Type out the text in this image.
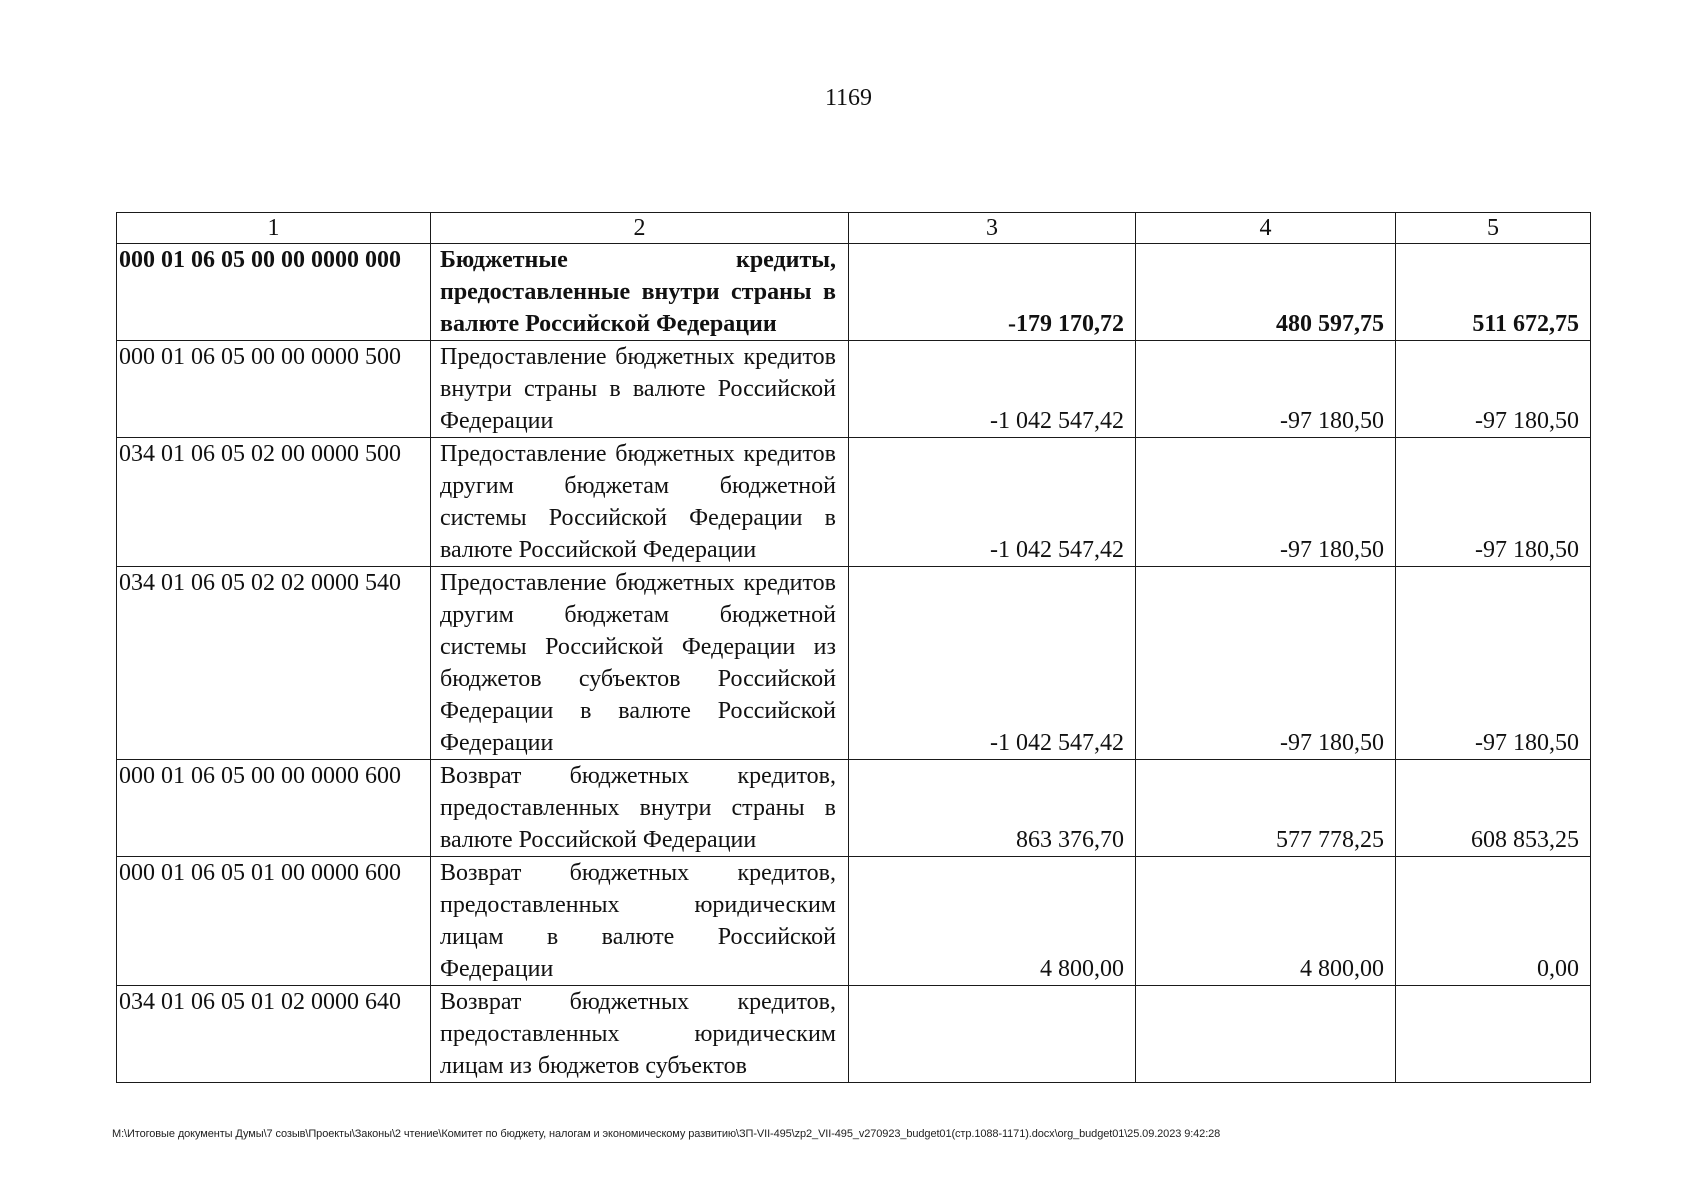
1169
1	2	3	4	5
000 01 06 05 00 00 0000 000	Бюджетные кредиты, предоставленные внутри страны в валюте Российской Федерации	-179 170,72	480 597,75	511 672,75
000 01 06 05 00 00 0000 500	Предоставление бюджетных кредитов внутри страны в валюте Российской Федерации	-1 042 547,42	-97 180,50	-97 180,50
034 01 06 05 02 00 0000 500	Предоставление бюджетных кредитов другим бюджетам бюджетной системы Российской Федерации в валюте Российской Федерации	-1 042 547,42	-97 180,50	-97 180,50
034 01 06 05 02 02 0000 540	Предоставление бюджетных кредитов другим бюджетам бюджетной системы Российской Федерации из бюджетов субъектов Российской Федерации в валюте Российской Федерации	-1 042 547,42	-97 180,50	-97 180,50
000 01 06 05 00 00 0000 600	Возврат бюджетных кредитов, предоставленных внутри страны в валюте Российской Федерации	863 376,70	577 778,25	608 853,25
000 01 06 05 01 00 0000 600	Возврат бюджетных кредитов, предоставленных юридическим лицам в валюте Российской Федерации	4 800,00	4 800,00	0,00
034 01 06 05 01 02 0000 640	Возврат бюджетных кредитов, предоставленных юридическим лицам из бюджетов субъектов			
М:\Итоговые документы Думы\7 созыв\Проекты\Законы\2 чтение\Комитет по бюджету, налогам и экономическому развитию\ЗП-VII-495\zp2_VII-495_v270923_budget01(стр.1088-1171).docx\org_budget01\25.09.2023 9:42:28
